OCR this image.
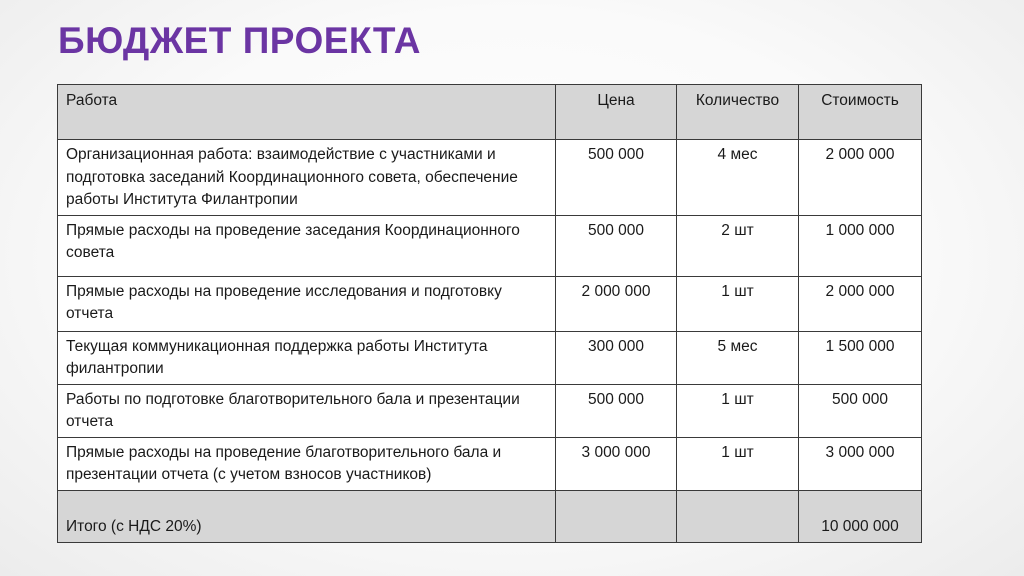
БЮДЖЕТ ПРОЕКТА
Работа	Цена	Количество	Стоимость
Организационная работа: взаимодействие с участниками и подготовка заседаний Координационного совета, обеспечение работы Института Филантропии	500 000	4 мес	2 000 000
Прямые расходы на проведение заседания Координационного совета	500 000	2 шт	1 000 000
Прямые расходы на проведение исследования и подготовку отчета	2 000 000	1 шт	2 000 000
Текущая коммуникационная поддержка работы Института филантропии	300 000	5 мес	1 500 000
Работы по подготовке благотворительного бала и презентации отчета	500 000	1 шт	500 000
Прямые расходы на проведение благотворительного бала и презентации отчета (с учетом взносов участников)	3 000 000	1 шт	3 000 000
Итого (с НДС 20%)			10 000 000
